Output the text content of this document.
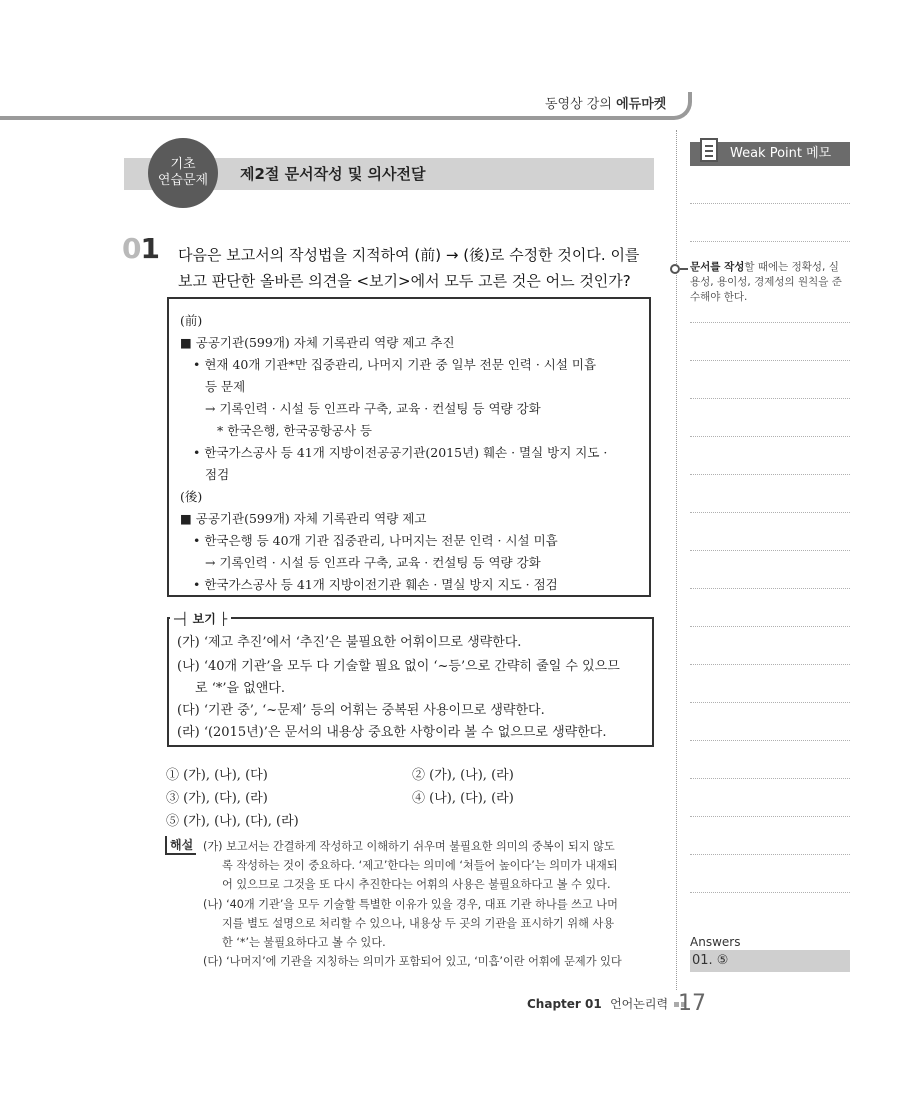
동영상 강의 에듀마켓
Weak Point 메모
문서를 작성할 때에는 정확성, 실용성, 용이성, 경제성의 원칙을 준수해야 한다.
Answers
01. ⑤
기초
연습문제	제2절 문서작성 및 의사전달
01 다음은 보고서의 작성법을 지적하여 (前) → (後)로 수정한 것이다. 이를 보고 판단한 올바른 의견을 <보기>에서 모두 고른 것은 어느 것인가?
(前)
■ 공공기관(599개) 자체 기록관리 역량 제고 추진
• 현재 40개 기관*만 집중관리, 나머지 기관 중 일부 전문 인력 · 시설 미흡
등 문제
→ 기록인력 · 시설 등 인프라 구축, 교육 · 컨설팅 등 역량 강화
* 한국은행, 한국공항공사 등
• 한국가스공사 등 41개 지방이전공공기관(2015년) 훼손 · 멸실 방지 지도 ·
점검
(後)
■ 공공기관(599개) 자체 기록관리 역량 제고
• 한국은행 등 40개 기관 집중관리, 나머지는 전문 인력 · 시설 미흡
→ 기록인력 · 시설 등 인프라 구축, 교육 · 컨설팅 등 역량 강화
• 한국가스공사 등 41개 지방이전기관 훼손 · 멸실 방지 지도 · 점검
─┤ 보기 ├
(가) ‘제고 추진’에서 ‘추진’은 불필요한 어휘이므로 생략한다.
(나) ‘40개 기관’을 모두 다 기술할 필요 없이 ‘~등’으로 간략히 줄일 수 있으므
로 ‘*’을 없앤다.
(다) ‘기관 중’, ‘~문제’ 등의 어휘는 중복된 사용이므로 생략한다.
(라) ‘(2015년)’은 문서의 내용상 중요한 사항이라 볼 수 없으므로 생략한다.
① (가), (나), (다)	② (가), (나), (라)
③ (가), (다), (라)	④ (나), (다), (라)
⑤ (가), (나), (다), (라)
해설 (가) 보고서는 간결하게 작성하고 이해하기 쉬우며 불필요한 의미의 중복이 되지 않도
록 작성하는 것이 중요하다. ‘제고’한다는 의미에 ‘쳐들어 높이다’는 의미가 내재되
어 있으므로 그것을 또 다시 추진한다는 어휘의 사용은 불필요하다고 볼 수 있다.
(나) ‘40개 기관’을 모두 기술할 특별한 이유가 있을 경우, 대표 기관 하나를 쓰고 나머
지를 별도 설명으로 처리할 수 있으나, 내용상 두 곳의 기관을 표시하기 위해 사용
한 ‘*’는 불필요하다고 볼 수 있다.
(다) ‘나머지’에 기관을 지칭하는 의미가 포함되어 있고, ‘미흡’이란 어휘에 문제가 있다
Chapter 01 언어논리력 17
